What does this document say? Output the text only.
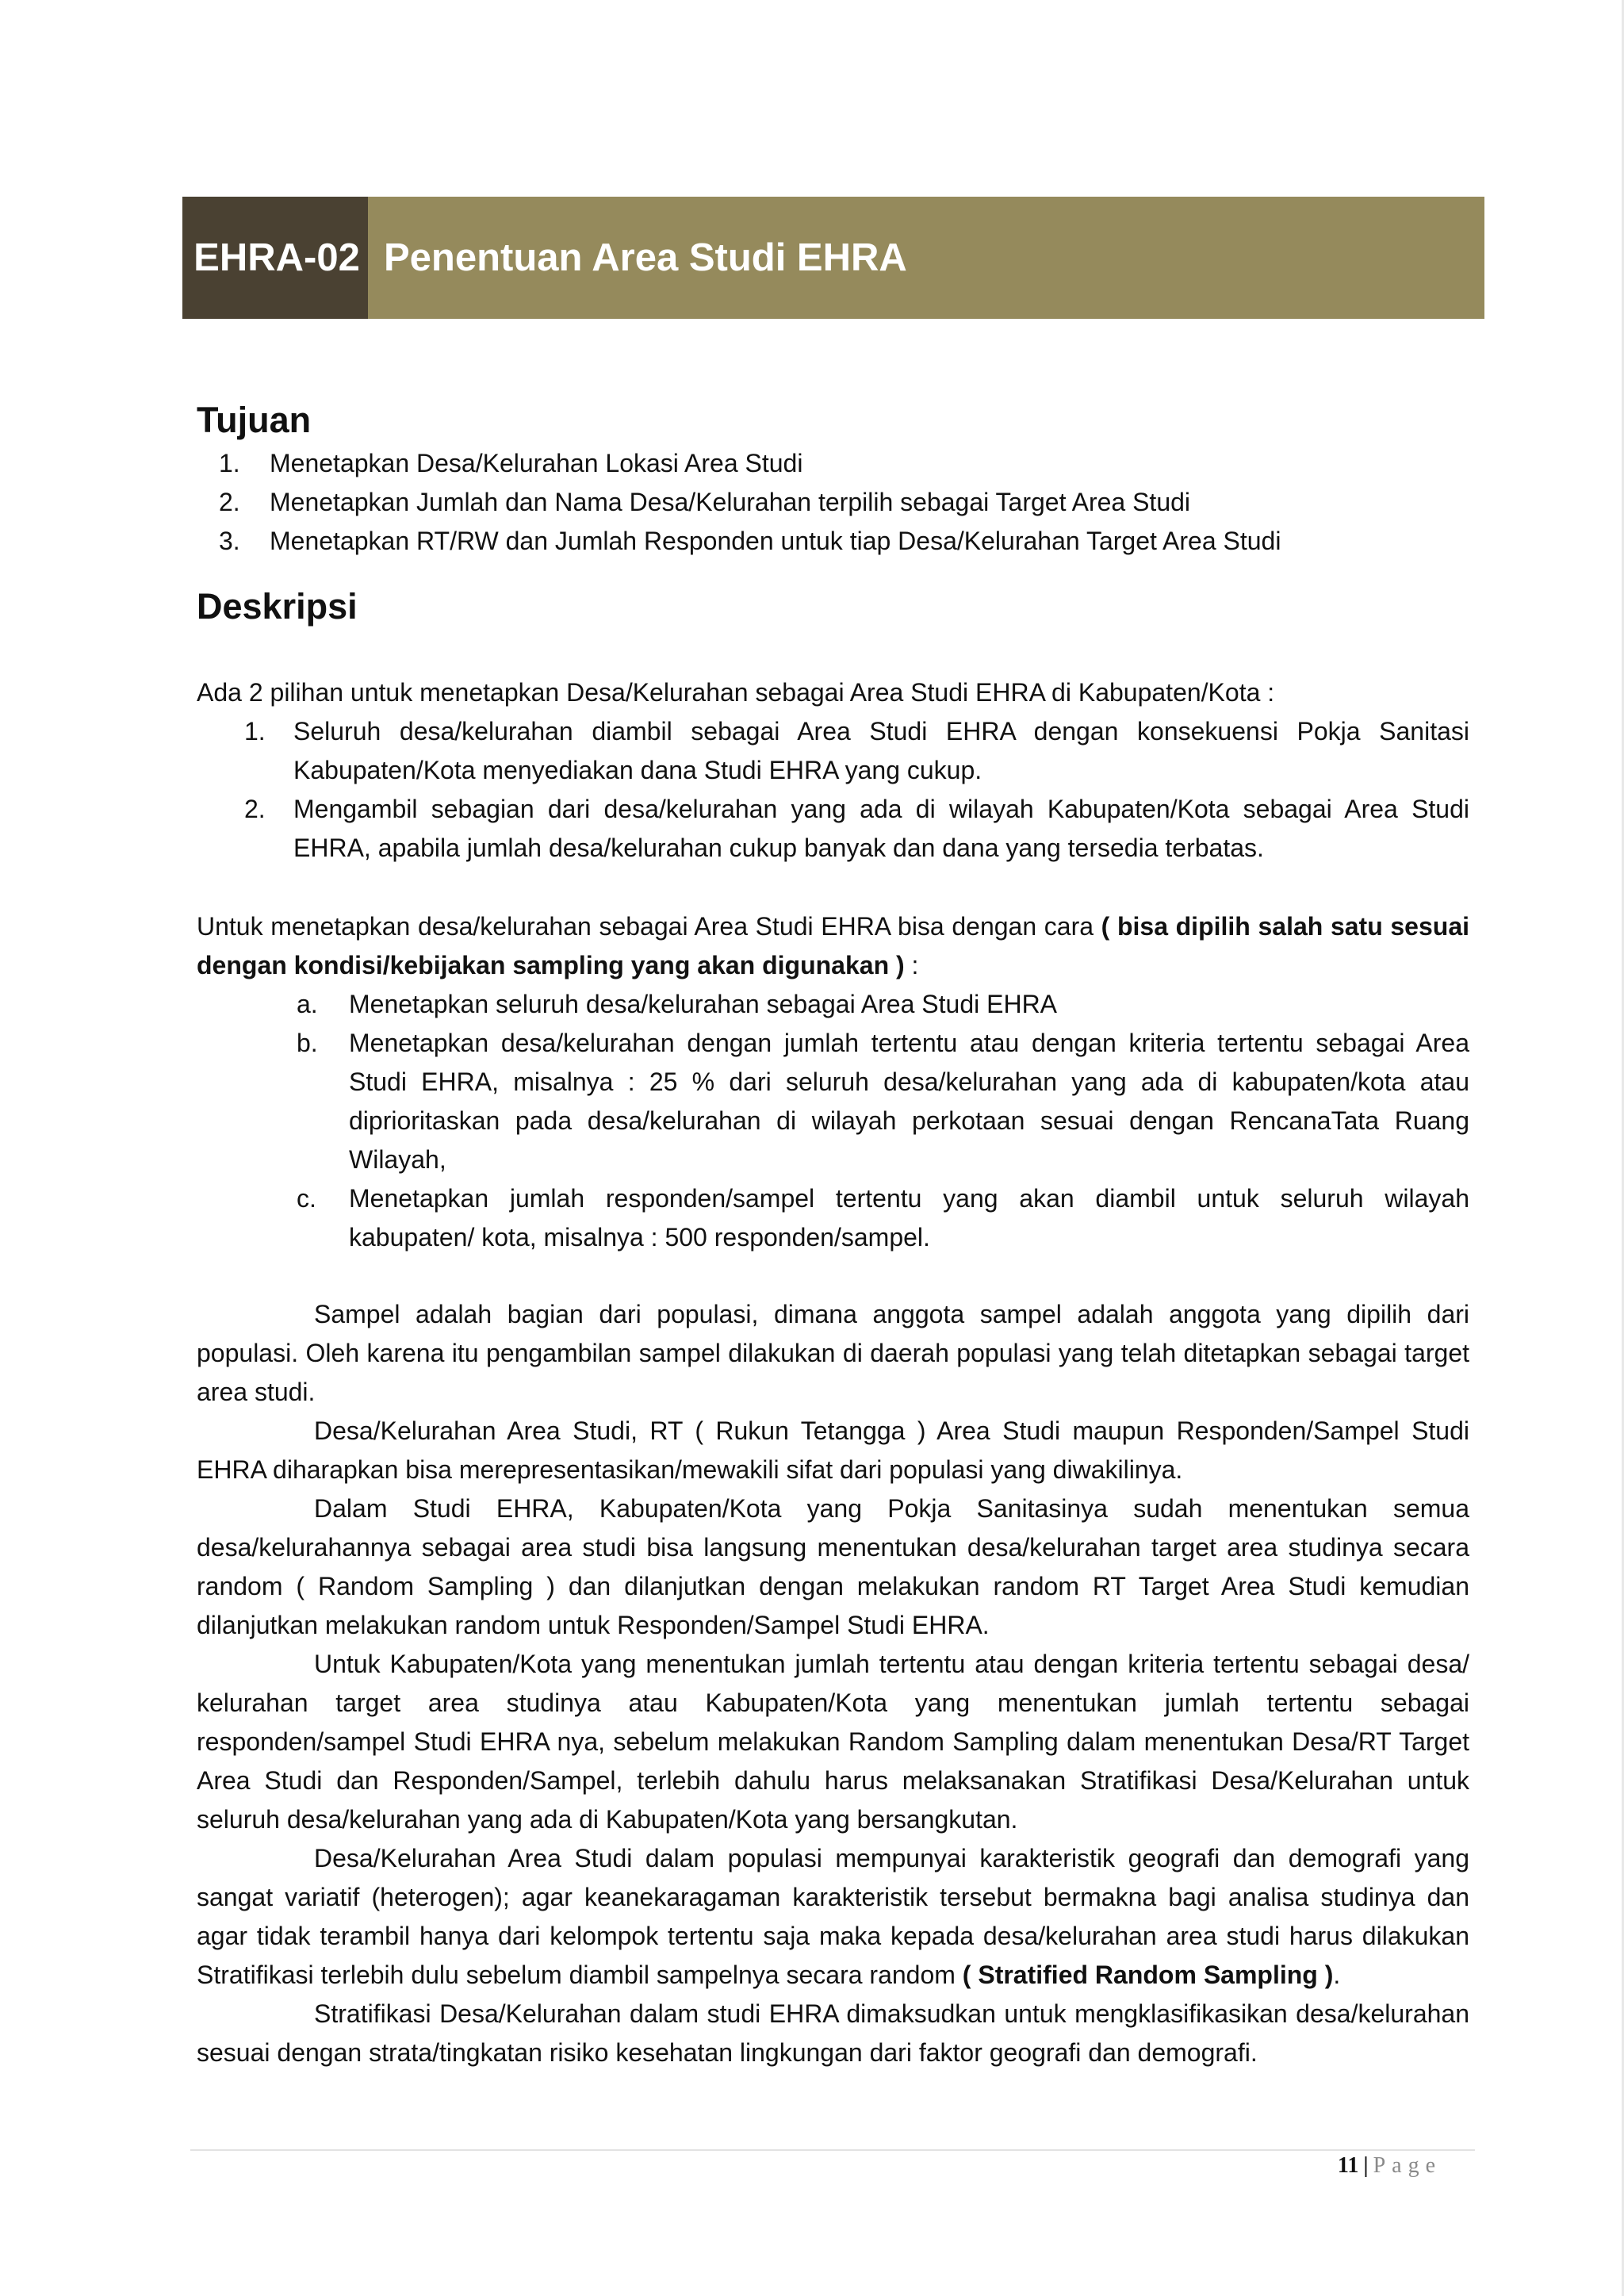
EHRA-02 Penentuan Area Studi EHRA
Tujuan
1.	Menetapkan Desa/Kelurahan Lokasi Area Studi
2.	Menetapkan Jumlah dan Nama Desa/Kelurahan terpilih sebagai Target Area Studi
3.	Menetapkan RT/RW dan Jumlah Responden untuk tiap Desa/Kelurahan Target Area Studi
Deskripsi
Ada 2 pilihan untuk menetapkan Desa/Kelurahan sebagai Area Studi EHRA di Kabupaten/Kota :
1.	Seluruh desa/kelurahan diambil sebagai Area Studi EHRA dengan konsekuensi Pokja Sanitasi Kabupaten/Kota menyediakan dana Studi EHRA yang cukup.
2.	Mengambil sebagian dari desa/kelurahan yang ada di wilayah Kabupaten/Kota sebagai Area Studi EHRA, apabila jumlah desa/kelurahan cukup banyak dan dana yang tersedia terbatas.
Untuk menetapkan desa/kelurahan sebagai Area Studi EHRA bisa dengan cara ( bisa dipilih salah satu sesuai dengan kondisi/kebijakan sampling yang akan digunakan ) :
a.	Menetapkan seluruh desa/kelurahan sebagai Area Studi EHRA
b.	Menetapkan desa/kelurahan dengan jumlah tertentu atau dengan kriteria tertentu sebagai Area Studi EHRA, misalnya : 25 % dari seluruh desa/kelurahan yang ada di kabupaten/kota atau diprioritaskan pada desa/kelurahan di wilayah perkotaan sesuai dengan RencanaTata Ruang Wilayah,
c.	Menetapkan jumlah responden/sampel tertentu yang akan diambil untuk seluruh wilayah kabupaten/ kota, misalnya : 500 responden/sampel.

Sampel adalah bagian dari populasi, dimana anggota sampel adalah anggota yang dipilih dari populasi. Oleh karena itu pengambilan sampel dilakukan di daerah populasi yang telah ditetapkan sebagai target area studi.

Desa/Kelurahan Area Studi, RT ( Rukun Tetangga ) Area Studi maupun Responden/Sampel Studi EHRA diharapkan bisa merepresentasikan/mewakili sifat dari populasi yang diwakilinya.

Dalam Studi EHRA, Kabupaten/Kota yang Pokja Sanitasinya sudah menentukan semua desa/kelurahannya sebagai area studi bisa langsung menentukan desa/kelurahan target area studinya secara random ( Random Sampling ) dan dilanjutkan dengan melakukan random RT Target Area Studi kemudian dilanjutkan melakukan random untuk Responden/Sampel Studi EHRA.

Untuk Kabupaten/Kota yang menentukan jumlah tertentu atau dengan kriteria tertentu sebagai desa/ kelurahan target area studinya atau Kabupaten/Kota yang menentukan jumlah tertentu sebagai responden/sampel Studi EHRA nya, sebelum melakukan Random Sampling dalam menentukan Desa/RT Target Area Studi dan Responden/Sampel, terlebih dahulu harus melaksanakan Stratifikasi Desa/Kelurahan untuk seluruh desa/kelurahan yang ada di Kabupaten/Kota yang bersangkutan.

Desa/Kelurahan Area Studi dalam populasi mempunyai karakteristik geografi dan demografi yang sangat variatif (heterogen); agar keanekaragaman karakteristik tersebut bermakna bagi analisa studinya dan agar tidak terambil hanya dari kelompok tertentu saja maka kepada desa/kelurahan area studi harus dilakukan Stratifikasi terlebih dulu sebelum diambil sampelnya secara random ( Stratified Random Sampling ).

Stratifikasi Desa/Kelurahan dalam studi EHRA dimaksudkan untuk mengklasifikasikan desa/kelurahan sesuai dengan strata/tingkatan risiko kesehatan lingkungan dari faktor geografi dan demografi.

11 | Page
